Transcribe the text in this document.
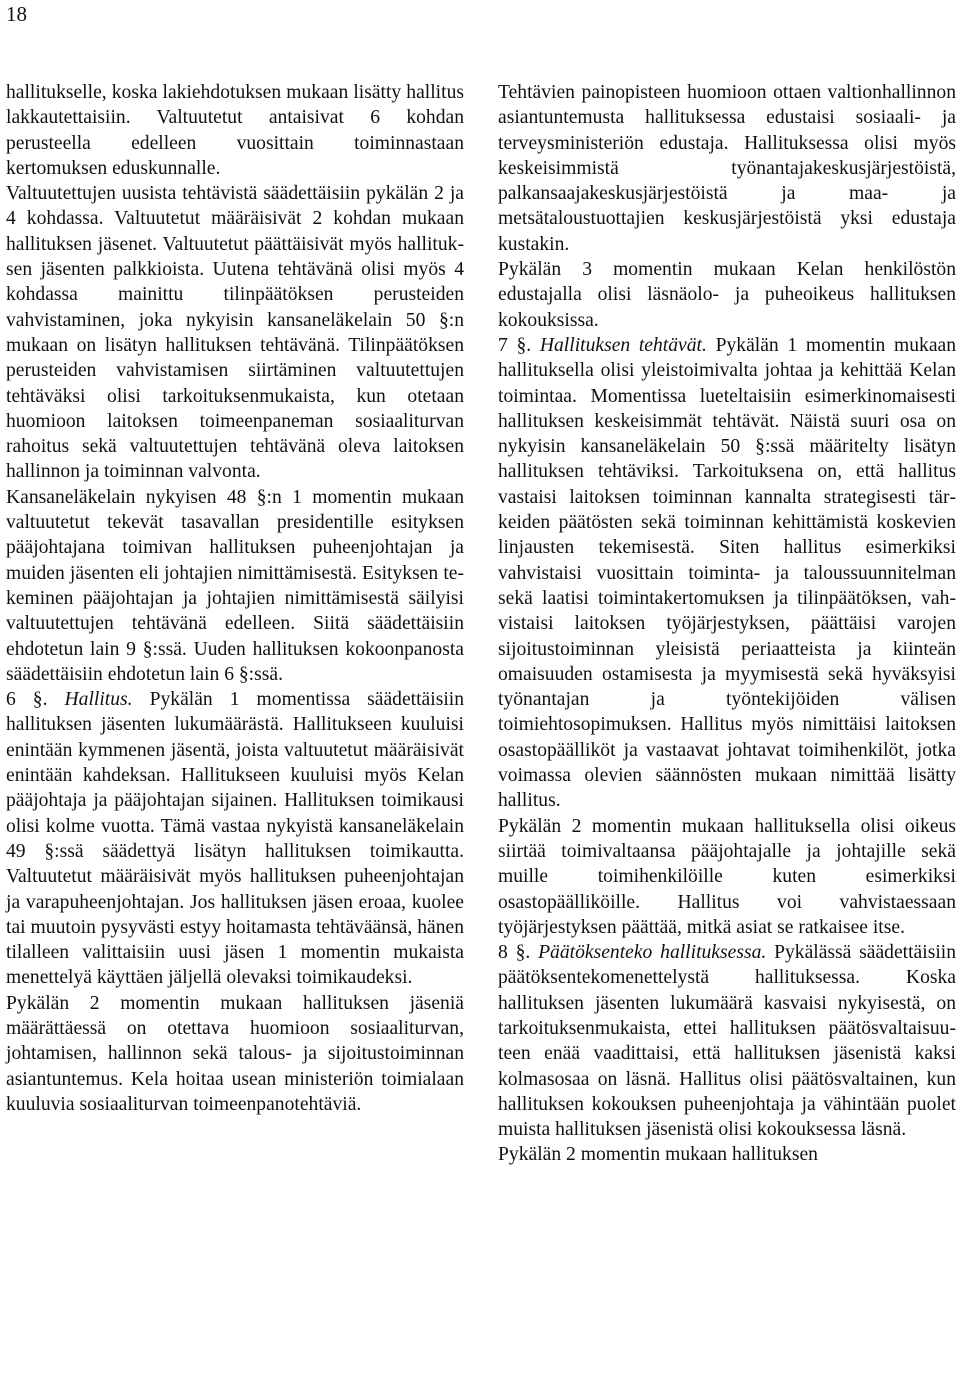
18

hallitukselle, koska lakiehdotuksen mukaan lisätty hallitus lakkautettaisiin. Valtuutetut antaisivat 6 kohdan perusteella edelleen vuosittain toiminnastaan kertomuksen eduskunnalle.

Valtuutettujen uusista tehtävistä säädettäisiin pykälän 2 ja 4 kohdassa. Valtuutetut määräisivät 2 kohdan mukaan hallituksen jäsenet. Valtuutetut päättäisivät myös hallituksen jäsenten palkkioista. Uutena tehtävänä olisi myös 4 kohdassa mainittu tilinpäätöksen perusteiden vahvistaminen, joka nykyisin kansaneläkelain 50 §:n mukaan on lisätyn hallituksen tehtävänä. Tilinpäätöksen perusteiden vahvistamisen siirtäminen valtuutettujen tehtäväksi olisi tarkoituksenmukaista, kun otetaan huomioon laitoksen toimeenpaneman sosiaaliturvan rahoitus sekä valtuutettujen tehtävänä oleva laitoksen hallinnon ja toiminnan valvonta.

Kansaneläkelain nykyisen 48 §:n 1 momentin mukaan valtuutetut tekevät tasavallan presidentille esityksen pääjohtajana toimivan hallituksen puheenjohtajan ja muiden jäsenten eli johtajien nimittämisestä. Esityksen tekeminen pääjohtajan ja johtajien nimittämisestä säilyisi valtuutettujen tehtävänä edelleen. Siitä säädettäisiin ehdotetun lain 9 §:ssä. Uuden hallituksen kokoonpanosta säädettäisiin ehdotetun lain 6 §:ssä.

6 §. Hallitus. Pykälän 1 momentissa säädettäisiin hallituksen jäsenten lukumäärästä. Hallitukseen kuuluisi enintään kymmenen jäsentä, joista valtuutetut määräisivät enintään kahdeksan. Hallitukseen kuuluisi myös Kelan pääjohtaja ja pääjohtajan sijainen. Hallituksen toimikausi olisi kolme vuotta. Tämä vastaa nykyistä kansaneläkelain 49 §:ssä säädettyä lisätyn hallituksen toimikautta. Valtuutetut määräisivät myös hallituksen puheenjohtajan ja varapuheenjohtajan. Jos hallituksen jäsen eroaa, kuolee tai muutoin pysyvästi estyy hoitamasta tehtäväänsä, hänen tilalleen valittaisiin uusi jäsen 1 momentin mukaista menettelyä käyttäen jäljellä olevaksi toimikaudeksi.

Pykälän 2 momentin mukaan hallituksen jäseniä määrättäessä on otettava huomioon sosiaaliturvan, johtamisen, hallinnon sekä talous- ja sijoitustoiminnan asiantuntemus. Kela hoitaa usean ministeriön toimialaan kuuluvia sosiaaliturvan toimeenpanotehtäviä.

Tehtävien painopisteen huomioon ottaen valtionhallinnon asiantuntemusta hallituksessa edustaisi sosiaali- ja terveysministeriön edustaja. Hallituksessa olisi myös keskeisimmistä työnantajakeskusjärjestöistä, palkansaajakeskusjärjestöistä ja maa- ja metsätaloustuottajien keskusjärjestöistä yksi edustaja kustakin.

Pykälän 3 momentin mukaan Kelan henkilöstön edustajalla olisi läsnäolo- ja puheoikeus hallituksen kokouksissa.

7 §. Hallituksen tehtävät. Pykälän 1 momentin mukaan hallituksella olisi yleistoimivalta johtaa ja kehittää Kelan toimintaa. Momentissa lueteltaisiin esimerkinomaisesti hallituksen keskeisimmät tehtävät. Näistä suuri osa on nykyisin kansaneläkelain 50 §:ssä määritelty lisätyn hallituksen tehtäviksi. Tarkoituksena on, että hallitus vastaisi laitoksen toiminnan kannalta strategisesti tärkeiden päätösten sekä toiminnan kehittämistä koskevien linjausten tekemisestä. Siten hallitus esimerkiksi vahvistaisi vuosittain toiminta- ja taloussuunnitelman sekä laatisi toimintakertomuksen ja tilinpäätöksen, vahvistaisi laitoksen työjärjestyksen, päättäisi varojen sijoitustoiminnan yleisistä periaatteista ja kiinteän omaisuuden ostamisesta ja myymisestä sekä hyväksyisi työnantajan ja työntekijöiden välisen toimiehtosopimuksen. Hallitus myös nimittäisi laitoksen osastopäälliköt ja vastaavat johtavat toimihenkilöt, jotka voimassa olevien säännösten mukaan nimittää lisätty hallitus.

Pykälän 2 momentin mukaan hallituksella olisi oikeus siirtää toimivaltaansa pääjohtajalle ja johtajille sekä muille toimihenkilöille kuten esimerkiksi osastopäälliköille. Hallitus voi vahvistaessaan työjärjestyksen päättää, mitkä asiat se ratkaisee itse.

8 §. Päätöksenteko hallituksessa. Pykälässä säädettäisiin päätöksentekomenettelystä hallituksessa. Koska hallituksen jäsenten lukumäärä kasvaisi nykyisestä, on tarkoituksenmukaista, ettei hallituksen päätösvaltaisuuteen enää vaadittaisi, että hallituksen jäsenistä kaksi kolmasosaa on läsnä. Hallitus olisi päätösvaltainen, kun hallituksen kokouksen puheenjohtaja ja vähintään puolet muista hallituksen jäsenistä olisi kokouksessa läsnä.

Pykälän 2 momentin mukaan hallituksen
